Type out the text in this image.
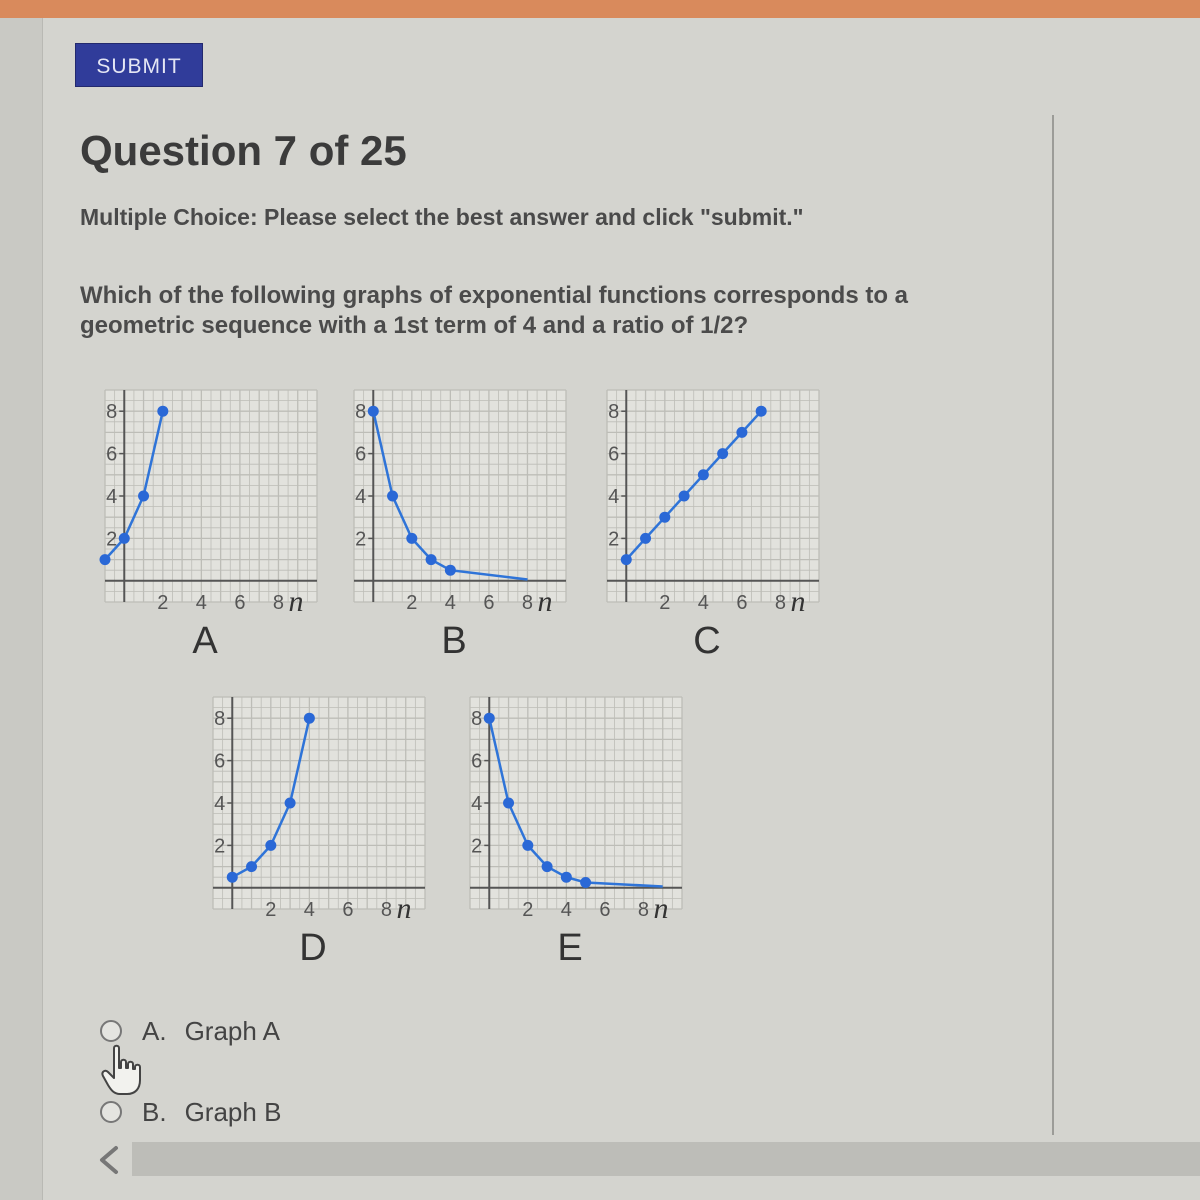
SUBMIT
Question 7 of 25
Multiple Choice: Please select the best answer and click "submit."
Which of the following graphs of exponential functions corresponds to a geometric sequence with a 1st term of 4 and a ratio of 1/2?
8
6
4
2
2 4 6 8 n
A
8
6
4
2
2 4 6 8 n
B
8
6
4
2
2 4 6 8 n
C
8
6
4
2
2 4 6 8 n
D
8
6
4
2
2 4 6 8 n
E
A. Graph A
B. Graph B
